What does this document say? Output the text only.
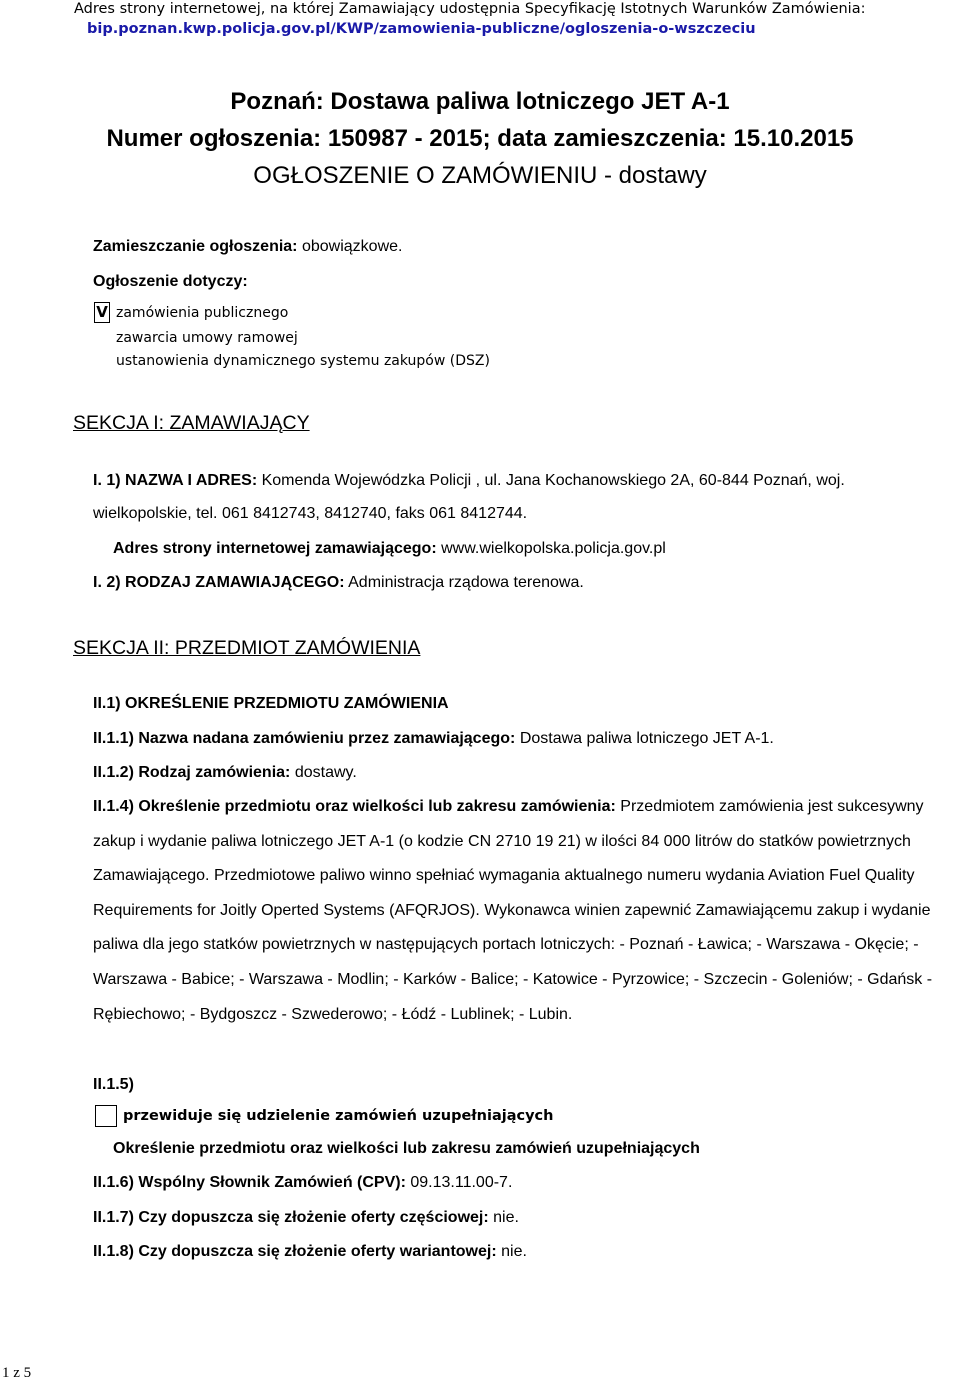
Adres strony internetowej, na której Zamawiający udostępnia Specyfikację Istotnych Warunków Zamówienia:
bip.poznan.kwp.policja.gov.pl/KWP/zamowienia-publiczne/ogloszenia-o-wszczeciu
Poznań: Dostawa paliwa lotniczego JET A-1
Numer ogłoszenia: 150987 - 2015; data zamieszczenia: 15.10.2015
OGŁOSZENIE O ZAMÓWIENIU - dostawy
Zamieszczanie ogłoszenia: obowiązkowe.
Ogłoszenie dotyczy:
V zamówienia publicznego
zawarcia umowy ramowej
ustanowienia dynamicznego systemu zakupów (DSZ)
SEKCJA I: ZAMAWIAJĄCY
I. 1) NAZWA I ADRES: Komenda Wojewódzka Policji , ul. Jana Kochanowskiego 2A, 60-844 Poznań, woj.
wielkopolskie, tel. 061 8412743, 8412740, faks 061 8412744.
Adres strony internetowej zamawiającego: www.wielkopolska.policja.gov.pl
I. 2) RODZAJ ZAMAWIAJĄCEGO: Administracja rządowa terenowa.
SEKCJA II: PRZEDMIOT ZAMÓWIENIA
II.1) OKREŚLENIE PRZEDMIOTU ZAMÓWIENIA
II.1.1) Nazwa nadana zamówieniu przez zamawiającego: Dostawa paliwa lotniczego JET A-1.
II.1.2) Rodzaj zamówienia: dostawy.
II.1.4) Określenie przedmiotu oraz wielkości lub zakresu zamówienia: Przedmiotem zamówienia jest sukcesywny zakup i wydanie paliwa lotniczego JET A-1 (o kodzie CN 2710 19 21) w ilości 84 000 litrów do statków powietrznych Zamawiającego. Przedmiotowe paliwo winno spełniać wymagania aktualnego numeru wydania Aviation Fuel Quality Requirements for Joitly Operted Systems (AFQRJOS). Wykonawca winien zapewnić Zamawiającemu zakup i wydanie paliwa dla jego statków powietrznych w następujących portach lotniczych: - Poznań - Ławica; - Warszawa - Okęcie; - Warszawa - Babice; - Warszawa - Modlin; - Karków - Balice; - Katowice - Pyrzowice; - Szczecin - Goleniów; - Gdańsk - Rębiechowo; - Bydgoszcz - Szwederowo; - Łódź - Lublinek; - Lubin.
II.1.5)
przewiduje się udzielenie zamówień uzupełniających
Określenie przedmiotu oraz wielkości lub zakresu zamówień uzupełniających
II.1.6) Wspólny Słownik Zamówień (CPV): 09.13.11.00-7.
II.1.7) Czy dopuszcza się złożenie oferty częściowej: nie.
II.1.8) Czy dopuszcza się złożenie oferty wariantowej: nie.
1 z 5
